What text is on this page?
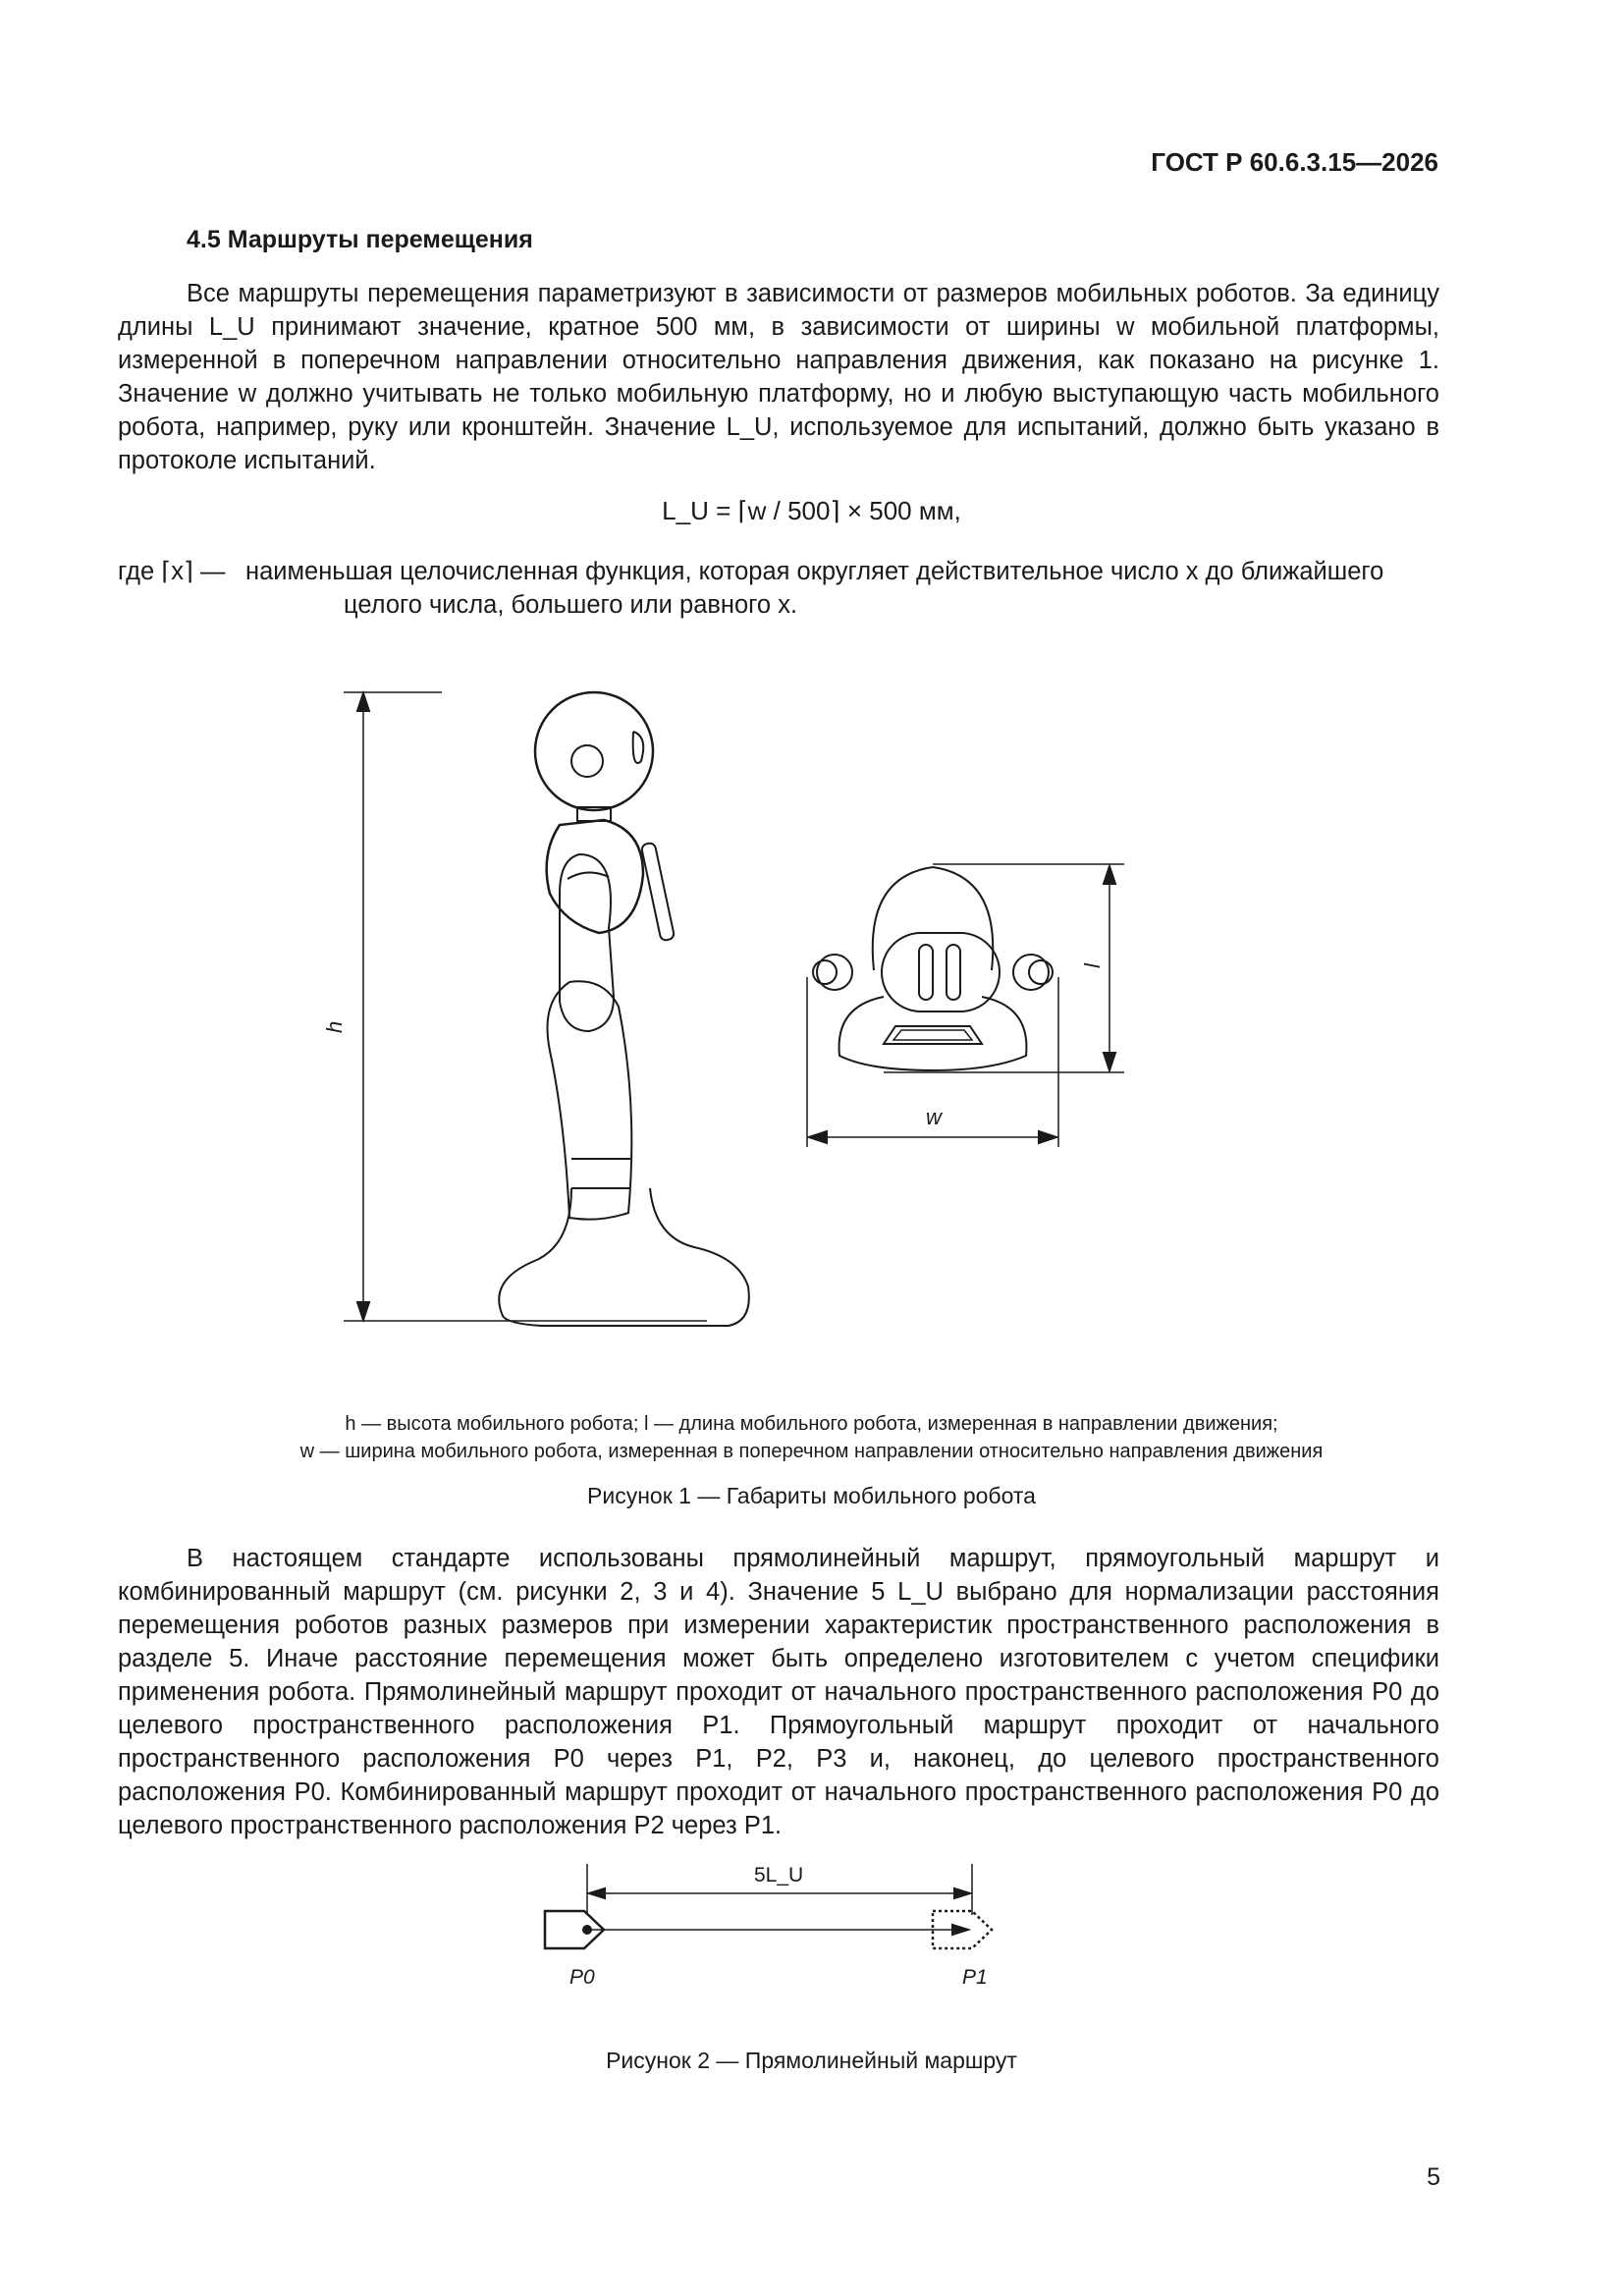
ГОСТ Р 60.6.3.15—2026
4.5 Маршруты перемещения

Все маршруты перемещения параметризуют в зависимости от размеров мобильных роботов. За единицу длины L_U принимают значение, кратное 500 мм, в зависимости от ширины w мобильной платформы, измеренной в поперечном направлении относительно направления движения, как показано на рисунке 1. Значение w должно учитывать не только мобильную платформу, но и любую выступающую часть мобильного робота, например, руку или кронштейн. Значение L_U, используемое для испытаний, должно быть указано в протоколе испытаний.

L_U = ⌈w / 500⌉ × 500 мм,
где ⌈x⌉ — наименьшая целочисленная функция, которая округляет действительное число x до ближайшего целого числа, большего или равного x.
h
l
w
h — высота мобильного робота; l — длина мобильного робота, измеренная в направлении движения;
w — ширина мобильного робота, измеренная в поперечном направлении относительно направления движения
Рисунок 1 — Габариты мобильного робота

В настоящем стандарте использованы прямолинейный маршрут, прямоугольный маршрут и комбинированный маршрут (см. рисунки 2, 3 и 4). Значение 5 L_U выбрано для нормализации расстояния перемещения роботов разных размеров при измерении характеристик пространственного расположения в разделе 5. Иначе расстояние перемещения может быть определено изготовителем с учетом специфики применения робота. Прямолинейный маршрут проходит от начального пространственного расположения P0 до целевого пространственного расположения P1. Прямоугольный маршрут проходит от начального пространственного расположения P0 через P1, P2, P3 и, наконец, до целевого пространственного расположения P0. Комбинированный маршрут проходит от начального пространственного расположения P0 до целевого пространственного расположения P2 через P1.

5L_U
P0	P1
Рисунок 2 — Прямолинейный маршрут
5
